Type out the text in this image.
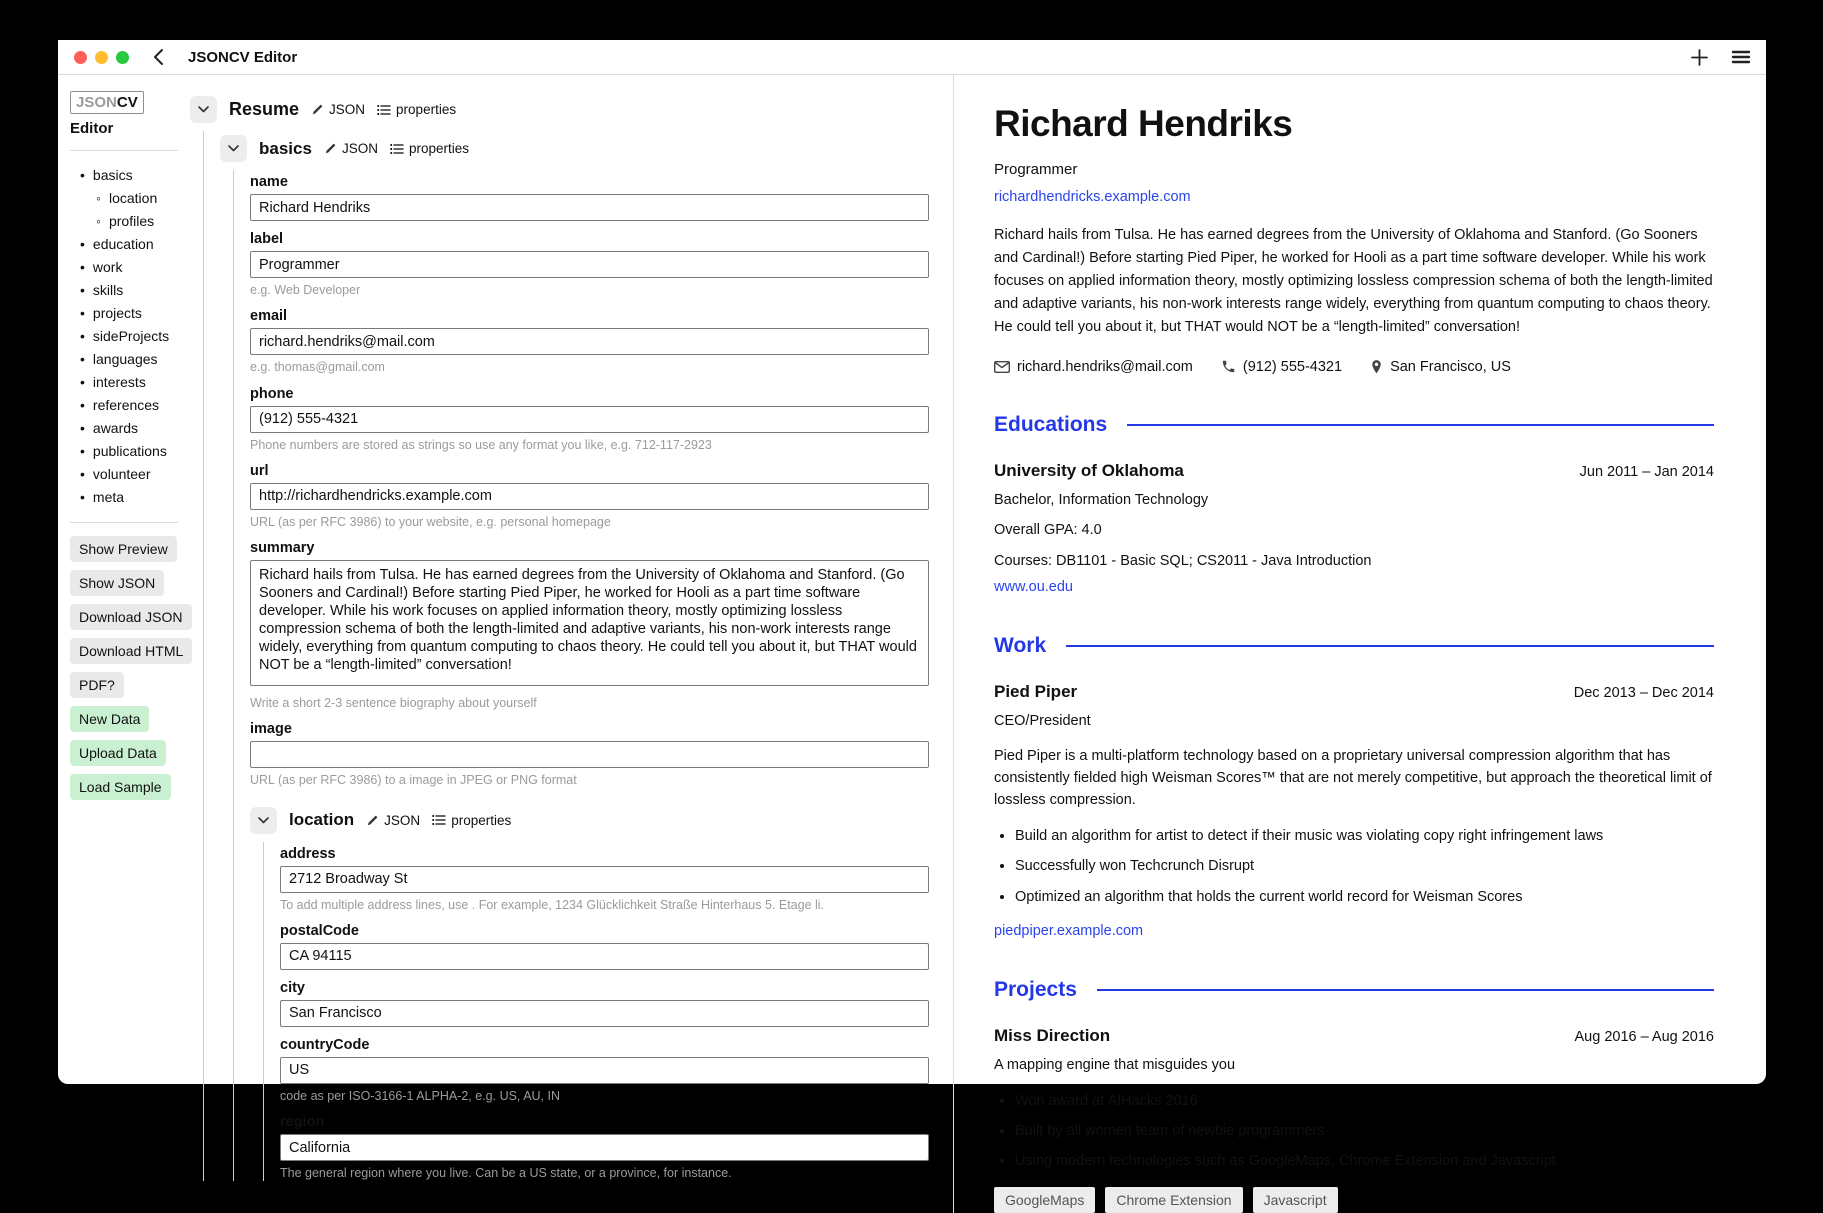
JSONCV Editor
JSONCV
Editor
• basics
◦ location
◦ profiles
• education
• work
• skills
• projects
• sideProjects
• languages
• interests
• references
• awards
• publications
• volunteer
• meta
Show Preview
Show JSON
Download JSON
Download HTML
PDF?
New Data
Upload Data
Load Sample
Resume JSON properties
basics JSON properties
name
Richard Hendriks
label
Programmer
e.g. Web Developer
email
richard.hendriks@mail.com
e.g. thomas@gmail.com
phone
(912) 555-4321
Phone numbers are stored as strings so use any format you like, e.g. 712-117-2923
url
http://richardhendricks.example.com
URL (as per RFC 3986) to your website, e.g. personal homepage
summary
Richard hails from Tulsa. He has earned degrees from the University of Oklahoma and Stanford. (Go Sooners and Cardinal!) Before starting Pied Piper, he worked for Hooli as a part time software developer. While his work focuses on applied information theory, mostly optimizing lossless compression schema of both the length-limited and adaptive variants, his non-work interests range widely, everything from quantum computing to chaos theory. He could tell you about it, but THAT would NOT be a “length-limited” conversation!
Write a short 2-3 sentence biography about yourself
image
URL (as per RFC 3986) to a image in JPEG or PNG format
location JSON properties
address
2712 Broadway St
To add multiple address lines, use . For example, 1234 Glücklichkeit Straße Hinterhaus 5. Etage li.
postalCode
CA 94115
city
San Francisco
countryCode
US
code as per ISO-3166-1 ALPHA-2, e.g. US, AU, IN
region
California
The general region where you live. Can be a US state, or a province, for instance.
Richard Hendriks
Programmer
richardhendricks.example.com

Richard hails from Tulsa. He has earned degrees from the University of Oklahoma and Stanford. (Go Sooners and Cardinal!) Before starting Pied Piper, he worked for Hooli as a part time software developer. While his work focuses on applied information theory, mostly optimizing lossless compression schema of both the length-limited and adaptive variants, his non-work interests range widely, everything from quantum computing to chaos theory. He could tell you about it, but THAT would NOT be a “length-limited” conversation!

richard.hendriks@mail.com	(912) 555-4321	San Francisco, US
Educations
University of Oklahoma	Jun 2011 – Jan 2014
Bachelor, Information Technology
Overall GPA: 4.0
Courses: DB1101 - Basic SQL; CS2011 - Java Introduction
www.ou.edu
Work
Pied Piper	Dec 2013 – Dec 2014
CEO/President
Pied Piper is a multi-platform technology based on a proprietary universal compression algorithm that has consistently fielded high Weisman Scores™ that are not merely competitive, but approach the theoretical limit of lossless compression.
• Build an algorithm for artist to detect if their music was violating copy right infringement laws
• Successfully won Techcrunch Disrupt
• Optimized an algorithm that holds the current world record for Weisman Scores
piedpiper.example.com
Projects
Miss Direction	Aug 2016 – Aug 2016
A mapping engine that misguides you
• Won award at AIHacks 2016
• Built by all women team of newbie programmers
• Using modern technologies such as GoogleMaps, Chrome Extension and Javascript
GoogleMaps	Chrome Extension	Javascript
